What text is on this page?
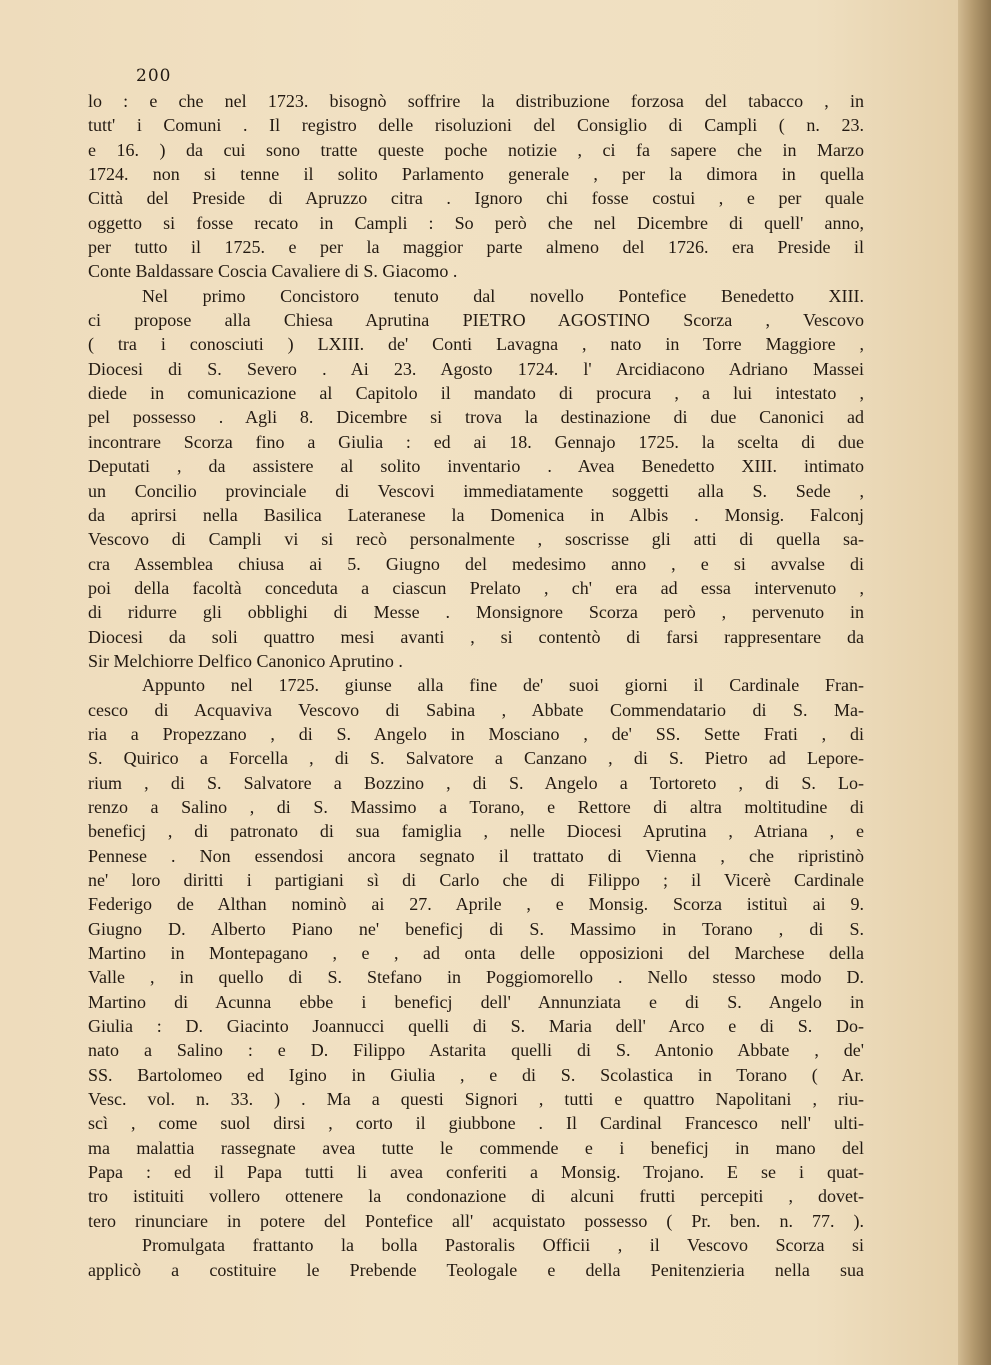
200
lo : e che nel 1723. bisognò soffrire la distribuzione forzosa del tabacco , in
tutt' i Comuni . Il registro delle risoluzioni del Consiglio di Campli ( n. 23.
e 16. ) da cui sono tratte queste poche notizie , ci fa sapere che in Marzo
1724. non si tenne il solito Parlamento generale , per la dimora in quella
Città del Preside di Apruzzo citra . Ignoro chi fosse costui , e per quale
oggetto si fosse recato in Campli : So però che nel Dicembre di quell' anno,
per tutto il 1725. e per la maggior parte almeno del 1726. era Preside il
Conte Baldassare Coscia Cavaliere di S. Giacomo .
Nel primo Concistoro tenuto dal novello Pontefice Benedetto XIII.
ci propose alla Chiesa Aprutina PIETRO AGOSTINO Scorza , Vescovo
( tra i conosciuti ) LXIII. de' Conti Lavagna , nato in Torre Maggiore ,
Diocesi di S. Severo . Ai 23. Agosto 1724. l' Arcidiacono Adriano Massei
diede in comunicazione al Capitolo il mandato di procura , a lui intestato ,
pel possesso . Agli 8. Dicembre si trova la destinazione di due Canonici ad
incontrare Scorza fino a Giulia : ed ai 18. Gennajo 1725. la scelta di due
Deputati , da assistere al solito inventario . Avea Benedetto XIII. intimato
un Concilio provinciale di Vescovi immediatamente soggetti alla S. Sede ,
da aprirsi nella Basilica Lateranese la Domenica in Albis . Monsig. Falconj
Vescovo di Campli vi si recò personalmente , soscrisse gli atti di quella sa-
cra Assemblea chiusa ai 5. Giugno del medesimo anno , e si avvalse di
poi della facoltà conceduta a ciascun Prelato , ch' era ad essa intervenuto ,
di ridurre gli obblighi di Messe . Monsignore Scorza però , pervenuto in
Diocesi da soli quattro mesi avanti , si contentò di farsi rappresentare da
Sir Melchiorre Delfico Canonico Aprutino .
Appunto nel 1725. giunse alla fine de' suoi giorni il Cardinale Fran-
cesco di Acquaviva Vescovo di Sabina , Abbate Commendatario di S. Ma-
ria a Propezzano , di S. Angelo in Mosciano , de' SS. Sette Frati , di
S. Quirico a Forcella , di S. Salvatore a Canzano , di S. Pietro ad Lepore-
rium , di S. Salvatore a Bozzino , di S. Angelo a Tortoreto , di S. Lo-
renzo a Salino , di S. Massimo a Torano, e Rettore di altra moltitudine di
beneficj , di patronato di sua famiglia , nelle Diocesi Aprutina , Atriana , e
Pennese . Non essendosi ancora segnato il trattato di Vienna , che ripristinò
ne' loro diritti i partigiani sì di Carlo che di Filippo ; il Vicerè Cardinale
Federigo de Althan nominò ai 27. Aprile , e Monsig. Scorza istituì ai 9.
Giugno D. Alberto Piano ne' beneficj di S. Massimo in Torano , di S.
Martino in Montepagano , e , ad onta delle opposizioni del Marchese della
Valle , in quello di S. Stefano in Poggiomorello . Nello stesso modo D.
Martino di Acunna ebbe i beneficj dell' Annunziata e di S. Angelo in
Giulia : D. Giacinto Joannucci quelli di S. Maria dell' Arco e di S. Do-
nato a Salino : e D. Filippo Astarita quelli di S. Antonio Abbate , de'
SS. Bartolomeo ed Igino in Giulia , e di S. Scolastica in Torano ( Ar.
Vesc. vol. n. 33. ) . Ma a questi Signori , tutti e quattro Napolitani , riu-
scì , come suol dirsi , corto il giubbone . Il Cardinal Francesco nell' ulti-
ma malattia rassegnate avea tutte le commende e i beneficj in mano del
Papa : ed il Papa tutti li avea conferiti a Monsig. Trojano. E se i quat-
tro istituiti vollero ottenere la condonazione di alcuni frutti percepiti , dovet-
tero rinunciare in potere del Pontefice all' acquistato possesso ( Pr. ben. n. 77. ).
Promulgata frattanto la bolla Pastoralis Officii , il Vescovo Scorza si
applicò a costituire le Prebende Teologale e della Penitenzieria nella sua
